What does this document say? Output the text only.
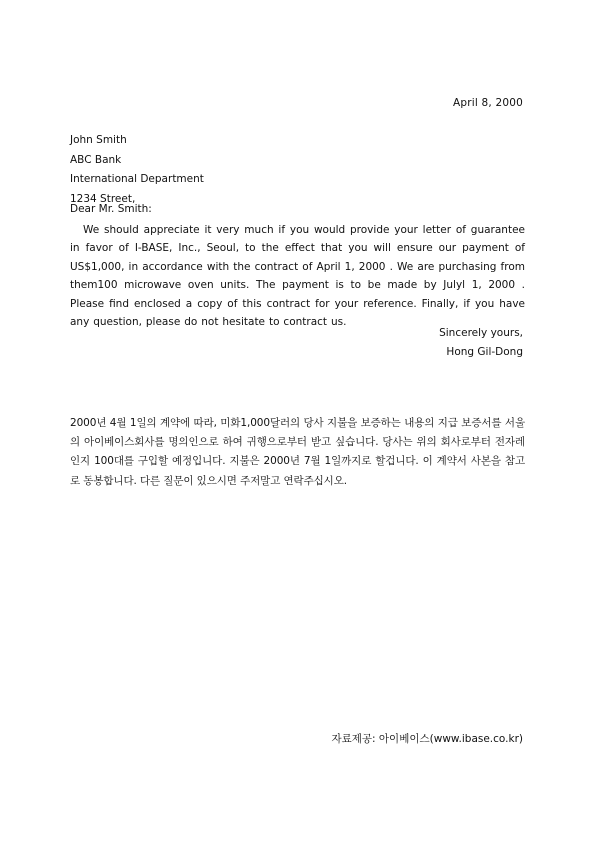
April 8, 2000
John Smith
ABC Bank
International Department
1234 Street,
Dear Mr. Smith:
We should appreciate it very much if you would provide your letter of guarantee in favor of I-BASE, Inc., Seoul, to the effect that you will ensure our payment of US$1,000, in accordance with the contract of April 1, 2000 . We are purchasing from them100 microwave oven units. The payment is to be made by Julyl 1, 2000 . Please find enclosed a copy of this contract for your reference. Finally, if you have any question, please do not hesitate to contract us.
Sincerely yours,
Hong Gil-Dong
2000년 4월 1일의 계약에 따라, 미화1,000달러의 당사 지불을 보증하는 내용의 지급 보증서를 서울의 아이베이스회사를 명의인으로 하여 귀행으로부터 받고 싶습니다. 당사는 위의 회사로부터 전자레인지 100대를 구입할 예정입니다. 지불은 2000년 7월 1일까지로 할겁니다. 이 계약서 사본을 참고로 동봉합니다. 다른 질문이 있으시면 주저말고 연락주십시오.
자료제공: 아이베이스(www.ibase.co.kr)
